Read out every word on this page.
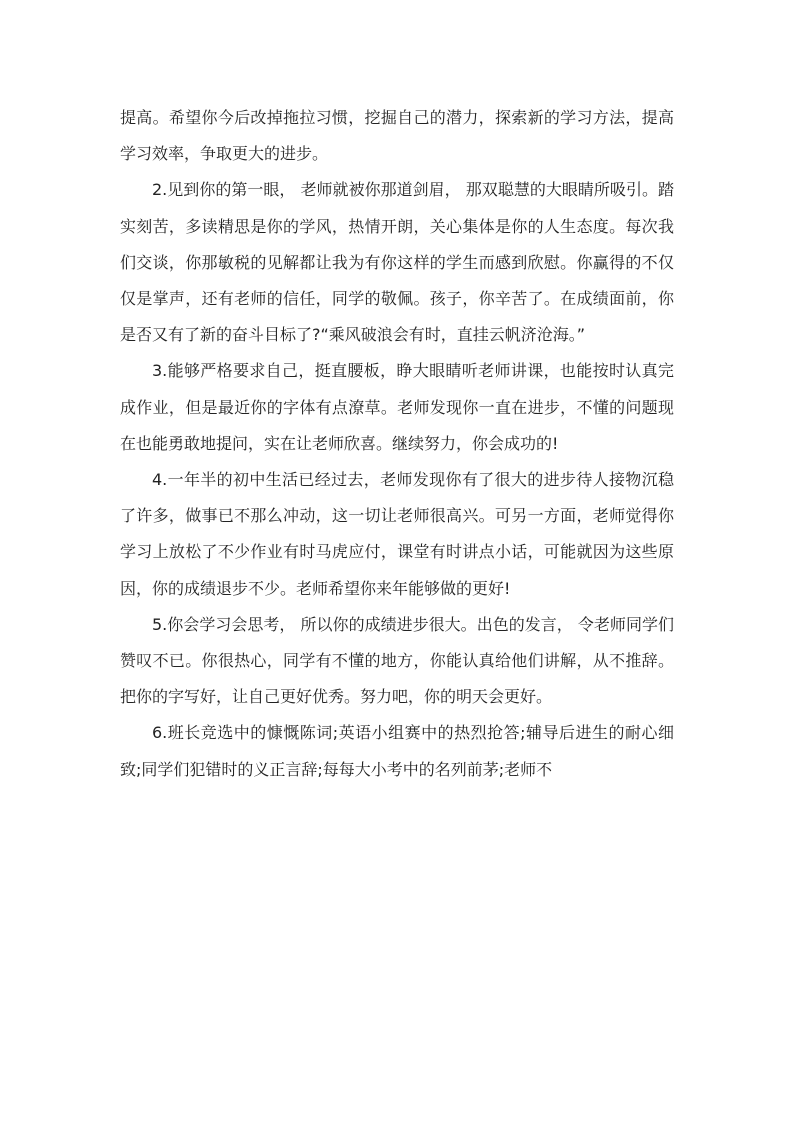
提高。希望你今后改掉拖拉习惯，挖掘自己的潜力，探索新的学习方法，提高学习效率，争取更大的进步。

2.见到你的第一眼， 老师就被你那道剑眉， 那双聪慧的大眼睛所吸引。踏实刻苦，多读精思是你的学风，热情开朗，关心集体是你的人生态度。每次我们交谈，你那敏税的见解都让我为有你这样的学生而感到欣慰。你赢得的不仅仅是掌声，还有老师的信任，同学的敬佩。孩子，你辛苦了。在成绩面前，你是否又有了新的奋斗目标了?“乘风破浪会有时，直挂云帆济沧海。”

3.能够严格要求自己，挺直腰板，睁大眼睛听老师讲课，也能按时认真完成作业，但是最近你的字体有点潦草。老师发现你一直在进步，不懂的问题现在也能勇敢地提问，实在让老师欣喜。继续努力，你会成功的!

4.一年半的初中生活已经过去，老师发现你有了很大的进步待人接物沉稳了许多，做事已不那么冲动，这一切让老师很高兴。可另一方面，老师觉得你学习上放松了不少作业有时马虎应付，课堂有时讲点小话，可能就因为这些原因，你的成绩退步不少。老师希望你来年能够做的更好!

5.你会学习会思考， 所以你的成绩进步很大。出色的发言， 令老师同学们赞叹不已。你很热心，同学有不懂的地方，你能认真给他们讲解，从不推辞。把你的字写好，让自己更好优秀。努力吧，你的明天会更好。

6.班长竞选中的慷慨陈词;英语小组赛中的热烈抢答;辅导后进生的耐心细致;同学们犯错时的义正言辞;每每大小考中的名列前茅;老师不
